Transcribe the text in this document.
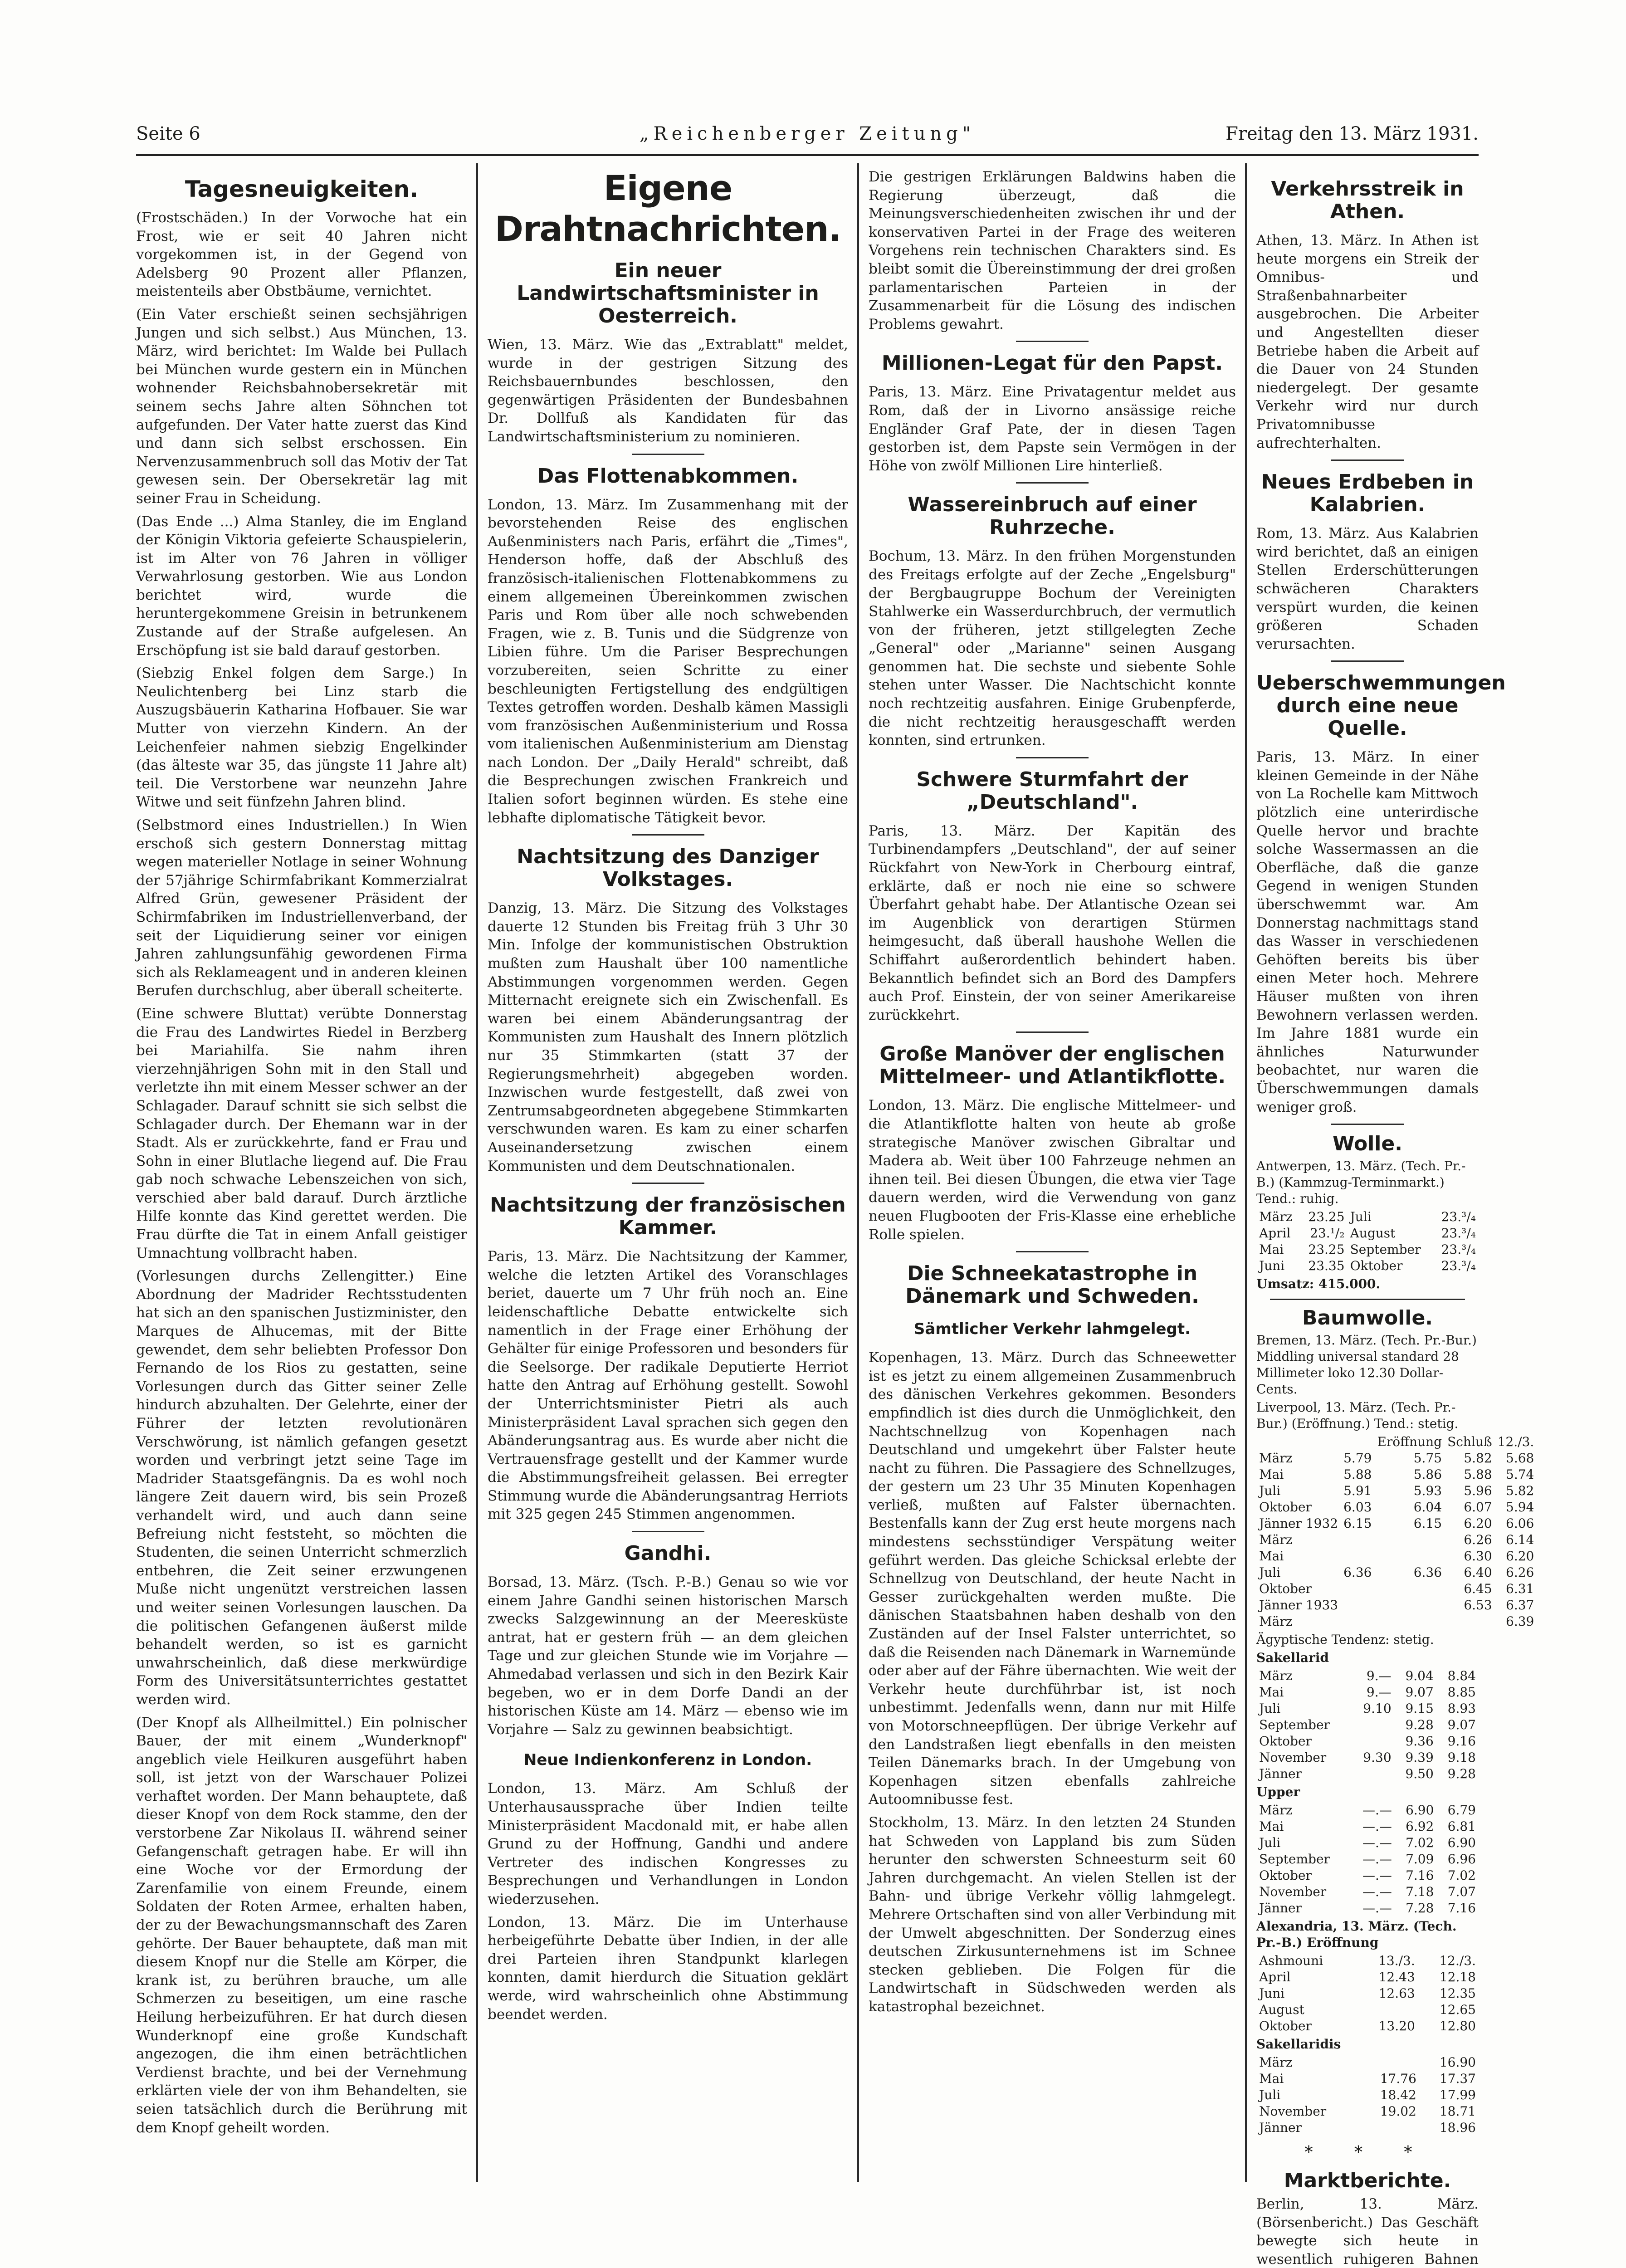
Seite 6	„Reichenberger Zeitung"	Freitag den 13. März 1931.
Tagesneuigkeiten.

(Frostschäden.) In der Vorwoche hat ein Frost, wie er seit 40 Jahren nicht vorgekommen ist, in der Gegend von Adelsberg 90 Prozent aller Pflanzen, meistenteils aber Obstbäume, vernichtet.

(Ein Vater erschießt seinen sechsjährigen Jungen und sich selbst.) Aus München, 13. März, wird berichtet: Im Walde bei Pullach bei München wurde gestern ein in München wohnender Reichsbahnobersekretär mit seinem sechs Jahre alten Söhnchen tot aufgefunden. Der Vater hatte zuerst das Kind und dann sich selbst erschossen. Ein Nervenzusammenbruch soll das Motiv der Tat gewesen sein. Der Obersekretär lag mit seiner Frau in Scheidung.

(Das Ende ...) Alma Stanley, die im England der Königin Viktoria gefeierte Schauspielerin, ist im Alter von 76 Jahren in völliger Verwahrlosung gestorben. Wie aus London berichtet wird, wurde die heruntergekommene Greisin in betrunkenem Zustande auf der Straße aufgelesen. An Erschöpfung ist sie bald darauf gestorben.

(Siebzig Enkel folgen dem Sarge.) In Neulichtenberg bei Linz starb die Auszugsbäuerin Katharina Hofbauer. Sie war Mutter von vierzehn Kindern. An der Leichenfeier nahmen siebzig Engelkinder (das älteste war 35, das jüngste 11 Jahre alt) teil. Die Verstorbene war neunzehn Jahre Witwe und seit fünfzehn Jahren blind.

(Selbstmord eines Industriellen.) In Wien erschoß sich gestern Donnerstag mittag wegen materieller Notlage in seiner Wohnung der 57jährige Schirmfabrikant Kommerzialrat Alfred Grün, gewesener Präsident der Schirmfabriken im Industriellenverband, der seit der Liquidierung seiner vor einigen Jahren zahlungsunfähig gewordenen Firma sich als Reklameagent und in anderen kleinen Berufen durchschlug, aber überall scheiterte.

(Eine schwere Bluttat) verübte Donnerstag die Frau des Landwirtes Riedel in Berzberg bei Mariahilfa. Sie nahm ihren vierzehnjährigen Sohn mit in den Stall und verletzte ihn mit einem Messer schwer an der Schlagader. Darauf schnitt sie sich selbst die Schlagader durch. Der Ehemann war in der Stadt. Als er zurückkehrte, fand er Frau und Sohn in einer Blutlache liegend auf. Die Frau gab noch schwache Lebenszeichen von sich, verschied aber bald darauf. Durch ärztliche Hilfe konnte das Kind gerettet werden. Die Frau dürfte die Tat in einem Anfall geistiger Umnachtung vollbracht haben.

(Vorlesungen durchs Zellengitter.) Eine Abordnung der Madrider Rechtsstudenten hat sich an den spanischen Justizminister, den Marques de Alhucemas, mit der Bitte gewendet, dem sehr beliebten Professor Don Fernando de los Rios zu gestatten, seine Vorlesungen durch das Gitter seiner Zelle hindurch abzuhalten. Der Gelehrte, einer der Führer der letzten revolutionären Verschwörung, ist nämlich gefangen gesetzt worden und verbringt jetzt seine Tage im Madrider Staatsgefängnis. Da es wohl noch längere Zeit dauern wird, bis sein Prozeß verhandelt wird, und auch dann seine Befreiung nicht feststeht, so möchten die Studenten, die seinen Unterricht schmerzlich entbehren, die Zeit seiner erzwungenen Muße nicht ungenützt verstreichen lassen und weiter seinen Vorlesungen lauschen. Da die politischen Gefangenen äußerst milde behandelt werden, so ist es garnicht unwahrscheinlich, daß diese merkwürdige Form des Universitätsunterrichtes gestattet werden wird.

(Der Knopf als Allheilmittel.) Ein polnischer Bauer, der mit einem „Wunderknopf" angeblich viele Heilkuren ausgeführt haben soll, ist jetzt von der Warschauer Polizei verhaftet worden. Der Mann behauptete, daß dieser Knopf von dem Rock stamme, den der verstorbene Zar Nikolaus II. während seiner Gefangenschaft getragen habe. Er will ihn eine Woche vor der Ermordung der Zarenfamilie von einem Freunde, einem Soldaten der Roten Armee, erhalten haben, der zu der Bewachungsmannschaft des Zaren gehörte. Der Bauer behauptete, daß man mit diesem Knopf nur die Stelle am Körper, die krank ist, zu berühren brauche, um alle Schmerzen zu beseitigen, um eine rasche Heilung herbeizuführen. Er hat durch diesen Wunderknopf eine große Kundschaft angezogen, die ihm einen beträchtlichen Verdienst brachte, und bei der Vernehmung erklärten viele der von ihm Behandelten, sie seien tatsächlich durch die Berührung mit dem Knopf geheilt worden.

Eigene Drahtnachrichten.
Ein neuer Landwirtschaftsminister in Oesterreich.

Wien, 13. März. Wie das „Extrablatt" meldet, wurde in der gestrigen Sitzung des Reichsbauernbundes beschlossen, den gegenwärtigen Präsidenten der Bundesbahnen Dr. Dollfuß als Kandidaten für das Landwirtschaftsministerium zu nominieren.

Das Flottenabkommen.

London, 13. März. Im Zusammenhang mit der bevorstehenden Reise des englischen Außenministers nach Paris, erfährt die „Times", Henderson hoffe, daß der Abschluß des französisch-italienischen Flottenabkommens zu einem allgemeinen Übereinkommen zwischen Paris und Rom über alle noch schwebenden Fragen, wie z. B. Tunis und die Südgrenze von Libien führe. Um die Pariser Besprechungen vorzubereiten, seien Schritte zu einer beschleunigten Fertigstellung des endgültigen Textes getroffen worden. Deshalb kämen Massigli vom französischen Außenministerium und Rossa vom italienischen Außenministerium am Dienstag nach London. Der „Daily Herald" schreibt, daß die Besprechungen zwischen Frankreich und Italien sofort beginnen würden. Es stehe eine lebhafte diplomatische Tätigkeit bevor.

Nachtsitzung des Danziger Volkstages.

Danzig, 13. März. Die Sitzung des Volkstages dauerte 12 Stunden bis Freitag früh 3 Uhr 30 Min. Infolge der kommunistischen Obstruktion mußten zum Haushalt über 100 namentliche Abstimmungen vorgenommen werden. Gegen Mitternacht ereignete sich ein Zwischenfall. Es waren bei einem Abänderungsantrag der Kommunisten zum Haushalt des Innern plötzlich nur 35 Stimmkarten (statt 37 der Regierungsmehrheit) abgegeben worden. Inzwischen wurde festgestellt, daß zwei von Zentrumsabgeordneten abgegebene Stimmkarten verschwunden waren. Es kam zu einer scharfen Auseinandersetzung zwischen einem Kommunisten und dem Deutschnationalen.

Nachtsitzung der französischen Kammer.

Paris, 13. März. Die Nachtsitzung der Kammer, welche die letzten Artikel des Voranschlages beriet, dauerte um 7 Uhr früh noch an. Eine leidenschaftliche Debatte entwickelte sich namentlich in der Frage einer Erhöhung der Gehälter für einige Professoren und besonders für die Seelsorge. Der radikale Deputierte Herriot hatte den Antrag auf Erhöhung gestellt. Sowohl der Unterrichtsminister Pietri als auch Ministerpräsident Laval sprachen sich gegen den Abänderungsantrag aus. Es wurde aber nicht die Vertrauensfrage gestellt und der Kammer wurde die Abstimmungsfreiheit gelassen. Bei erregter Stimmung wurde die Abänderungsantrag Herriots mit 325 gegen 245 Stimmen angenommen.

Gandhi.

Borsad, 13. März. (Tsch. P.-B.) Genau so wie vor einem Jahre Gandhi seinen historischen Marsch zwecks Salzgewinnung an der Meeresküste antrat, hat er gestern früh — an dem gleichen Tage und zur gleichen Stunde wie im Vorjahre — Ahmedabad verlassen und sich in den Bezirk Kair begeben, wo er in dem Dorfe Dandi an der historischen Küste am 14. März — ebenso wie im Vorjahre — Salz zu gewinnen beabsichtigt.

Neue Indienkonferenz in London.

London, 13. März. Am Schluß der Unterhausaussprache über Indien teilte Ministerpräsident Macdonald mit, er habe allen Grund zu der Hoffnung, Gandhi und andere Vertreter des indischen Kongresses zu Besprechungen und Verhandlungen in London wiederzusehen.

London, 13. März. Die im Unterhause herbeigeführte Debatte über Indien, in der alle drei Parteien ihren Standpunkt klarlegen konnten, damit hierdurch die Situation geklärt werde, wird wahrscheinlich ohne Abstimmung beendet werden.

Die gestrigen Erklärungen Baldwins haben die Regierung überzeugt, daß die Meinungsverschiedenheiten zwischen ihr und der konservativen Partei in der Frage des weiteren Vorgehens rein technischen Charakters sind. Es bleibt somit die Übereinstimmung der drei großen parlamentarischen Parteien in der Zusammenarbeit für die Lösung des indischen Problems gewahrt.

Millionen-Legat für den Papst.

Paris, 13. März. Eine Privatagentur meldet aus Rom, daß der in Livorno ansässige reiche Engländer Graf Pate, der in diesen Tagen gestorben ist, dem Papste sein Vermögen in der Höhe von zwölf Millionen Lire hinterließ.

Wassereinbruch auf einer Ruhrzeche.

Bochum, 13. März. In den frühen Morgenstunden des Freitags erfolgte auf der Zeche „Engelsburg" der Bergbaugruppe Bochum der Vereinigten Stahlwerke ein Wasserdurchbruch, der vermutlich von der früheren, jetzt stillgelegten Zeche „General" oder „Marianne" seinen Ausgang genommen hat. Die sechste und siebente Sohle stehen unter Wasser. Die Nachtschicht konnte noch rechtzeitig ausfahren. Einige Grubenpferde, die nicht rechtzeitig herausgeschafft werden konnten, sind ertrunken.

Schwere Sturmfahrt der „Deutschland".

Paris, 13. März. Der Kapitän des Turbinendampfers „Deutschland", der auf seiner Rückfahrt von New-York in Cherbourg eintraf, erklärte, daß er noch nie eine so schwere Überfahrt gehabt habe. Der Atlantische Ozean sei im Augenblick von derartigen Stürmen heimgesucht, daß überall haushohe Wellen die Schiffahrt außerordentlich behindert haben. Bekanntlich befindet sich an Bord des Dampfers auch Prof. Einstein, der von seiner Amerikareise zurückkehrt.

Große Manöver der englischen Mittelmeer- und Atlantikflotte.

London, 13. März. Die englische Mittelmeer- und die Atlantikflotte halten von heute ab große strategische Manöver zwischen Gibraltar und Madera ab. Weit über 100 Fahrzeuge nehmen an ihnen teil. Bei diesen Übungen, die etwa vier Tage dauern werden, wird die Verwendung von ganz neuen Flugbooten der Fris-Klasse eine erhebliche Rolle spielen.

Die Schneekatastrophe in Dänemark und Schweden.
Sämtlicher Verkehr lahmgelegt.

Kopenhagen, 13. März. Durch das Schneewetter ist es jetzt zu einem allgemeinen Zusammenbruch des dänischen Verkehres gekommen. Besonders empfindlich ist dies durch die Unmöglichkeit, den Nachtschnellzug von Kopenhagen nach Deutschland und umgekehrt über Falster heute nacht zu führen. Die Passagiere des Schnellzuges, der gestern um 23 Uhr 35 Minuten Kopenhagen verließ, mußten auf Falster übernachten. Bestenfalls kann der Zug erst heute morgens nach mindestens sechsstündiger Verspätung weiter geführt werden. Das gleiche Schicksal erlebte der Schnellzug von Deutschland, der heute Nacht in Gesser zurückgehalten werden mußte. Die dänischen Staatsbahnen haben deshalb von den Zuständen auf der Insel Falster unterrichtet, so daß die Reisenden nach Dänemark in Warnemünde oder aber auf der Fähre übernachten. Wie weit der Verkehr heute durchführbar ist, ist noch unbestimmt. Jedenfalls wenn, dann nur mit Hilfe von Motorschneepflügen. Der übrige Verkehr auf den Landstraßen liegt ebenfalls in den meisten Teilen Dänemarks brach. In der Umgebung von Kopenhagen sitzen ebenfalls zahlreiche Autoomnibusse fest.

Stockholm, 13. März. In den letzten 24 Stunden hat Schweden von Lappland bis zum Süden herunter den schwersten Schneesturm seit 60 Jahren durchgemacht. An vielen Stellen ist der Bahn- und übrige Verkehr völlig lahmgelegt. Mehrere Ortschaften sind von aller Verbindung mit der Umwelt abgeschnitten. Der Sonderzug eines deutschen Zirkusunternehmens ist im Schnee stecken geblieben. Die Folgen für die Landwirtschaft in Südschweden werden als katastrophal bezeichnet.

Verkehrsstreik in Athen.

Athen, 13. März. In Athen ist heute morgens ein Streik der Omnibus- und Straßenbahnarbeiter ausgebrochen. Die Arbeiter und Angestellten dieser Betriebe haben die Arbeit auf die Dauer von 24 Stunden niedergelegt. Der gesamte Verkehr wird nur durch Privatomnibusse aufrechterhalten.

Neues Erdbeben in Kalabrien.

Rom, 13. März. Aus Kalabrien wird berichtet, daß an einigen Stellen Erderschütterungen schwächeren Charakters verspürt wurden, die keinen größeren Schaden verursachten.

Ueberschwemmungen durch eine neue Quelle.

Paris, 13. März. In einer kleinen Gemeinde in der Nähe von La Rochelle kam Mittwoch plötzlich eine unterirdische Quelle hervor und brachte solche Wassermassen an die Oberfläche, daß die ganze Gegend in wenigen Stunden überschwemmt war. Am Donnerstag nachmittags stand das Wasser in verschiedenen Gehöften bereits bis über einen Meter hoch. Mehrere Häuser mußten von ihren Bewohnern verlassen werden. Im Jahre 1881 wurde ein ähnliches Naturwunder beobachtet, nur waren die Überschwemmungen damals weniger groß.

Wolle.
Antwerpen, 13. März. (Tech. Pr.-B.) (Kammzug-Terminmarkt.) Tend.: ruhig.
März	23.25	Juli	23.³/₄
April	23.¹/₂	August	23.³/₄
Mai	23.25	September	23.³/₄
Juni	23.35	Oktober	23.³/₄
Umsatz: 415.000.
Baumwolle.
Bremen, 13. März. (Tech. Pr.-Bur.) Middling universal standard 28 Millimeter loko 12.30 Dollar-Cents.
Liverpool, 13. März. (Tech. Pr.-Bur.) (Eröffnung.) Tend.: stetig.
		Eröffnung	Schluß	12./3.
März	5.79	5.75	5.82	5.68
Mai	5.88	5.86	5.88	5.74
Juli	5.91	5.93	5.96	5.82
Oktober	6.03	6.04	6.07	5.94
Jänner 1932	6.15	6.15	6.20	6.06
März			6.26	6.14
Mai			6.30	6.20
Juli	6.36	6.36	6.40	6.26
Oktober			6.45	6.31
Jänner 1933			6.53	6.37
März				6.39
Ägyptische Tendenz: stetig.
Sakellarid
März	9.—	9.04	8.84
Mai	9.—	9.07	8.85
Juli	9.10	9.15	8.93
September		9.28	9.07
Oktober		9.36	9.16
November	9.30	9.39	9.18
Jänner		9.50	9.28
Upper
März	—.—	6.90	6.79
Mai	—.—	6.92	6.81
Juli	—.—	7.02	6.90
September	—.—	7.09	6.96
Oktober	—.—	7.16	7.02
November	—.—	7.18	7.07
Jänner	—.—	7.28	7.16
Alexandria, 13. März. (Tech. Pr.-B.) Eröffnung
Ashmouni	13./3.	12./3.
April	12.43	12.18
Juni	12.63	12.35
August		12.65
Oktober	13.20	12.80
Sakellaridis
März		16.90
Mai	17.76	17.37
Juli	18.42	17.99
November	19.02	18.71
Jänner		18.96
* * *
Marktberichte.

Berlin, 13. März. (Börsenbericht.) Das Geschäft bewegte sich heute in wesentlich ruhigeren Bahnen
